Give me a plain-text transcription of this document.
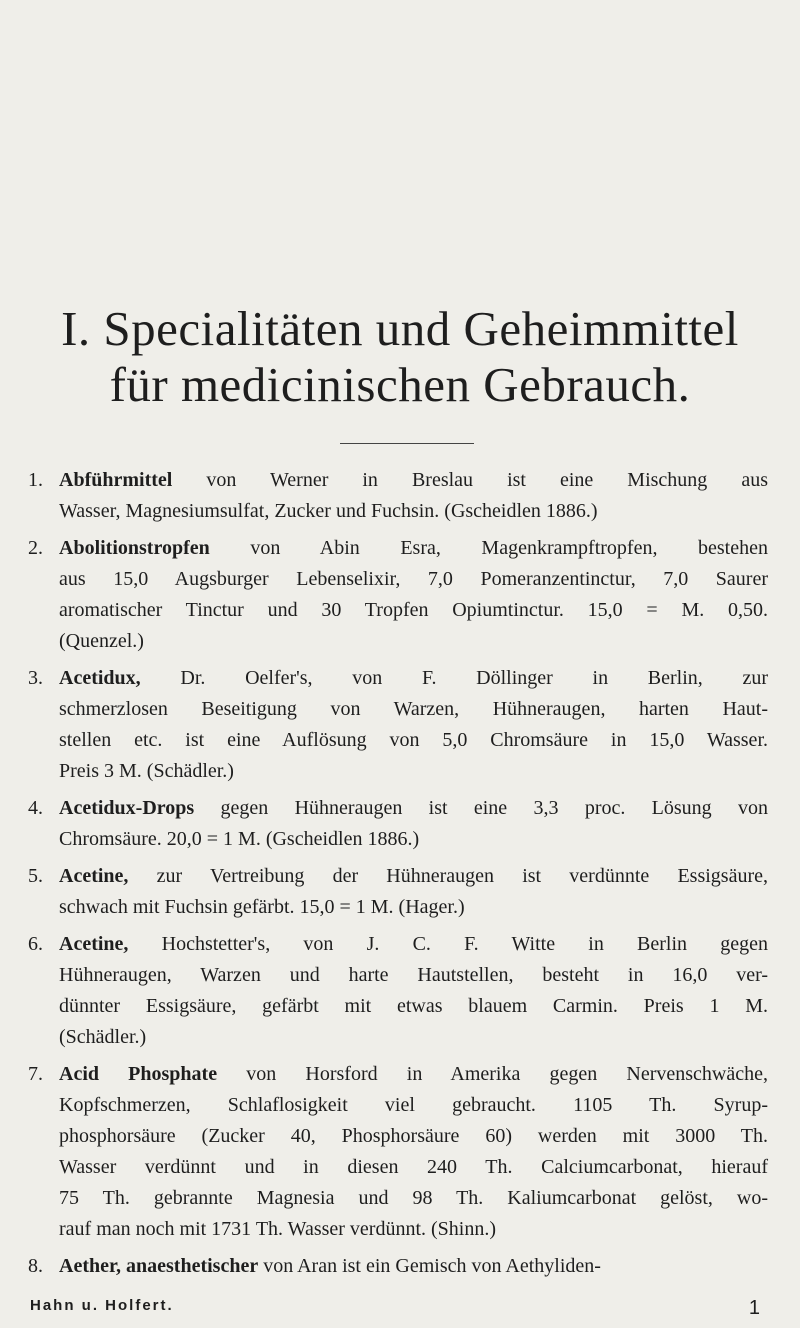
I. Specialitäten und Geheimmittel
für medicinischen Gebrauch.
1. Abführmittel von Werner in Breslau ist eine Mischung aus
Wasser, Magnesiumsulfat, Zucker und Fuchsin. (Gscheidlen 1886.)
2. Abolitionstropfen von Abin Esra, Magenkrampftropfen, bestehen
aus 15,0 Augsburger Lebenselixir, 7,0 Pomeranzentinctur, 7,0 Saurer
aromatischer Tinctur und 30 Tropfen Opiumtinctur. 15,0 = M. 0,50.
(Quenzel.)
3. Acetidux, Dr. Oelfer's, von F. Döllinger in Berlin, zur
schmerzlosen Beseitigung von Warzen, Hühneraugen, harten Haut-
stellen etc. ist eine Auflösung von 5,0 Chromsäure in 15,0 Wasser.
Preis 3 M. (Schädler.)
4. Acetidux-Drops gegen Hühneraugen ist eine 3,3 proc. Lösung von
Chromsäure. 20,0 = 1 M. (Gscheidlen 1886.)
5. Acetine, zur Vertreibung der Hühneraugen ist verdünnte Essigsäure,
schwach mit Fuchsin gefärbt. 15,0 = 1 M. (Hager.)
6. Acetine, Hochstetter's, von J. C. F. Witte in Berlin gegen
Hühneraugen, Warzen und harte Hautstellen, besteht in 16,0 ver-
dünnter Essigsäure, gefärbt mit etwas blauem Carmin. Preis 1 M.
(Schädler.)
7. Acid Phosphate von Horsford in Amerika gegen Nervenschwäche,
Kopfschmerzen, Schlaflosigkeit viel gebraucht. 1105 Th. Syrup-
phosphorsäure (Zucker 40, Phosphorsäure 60) werden mit 3000 Th.
Wasser verdünnt und in diesen 240 Th. Calciumcarbonat, hierauf
75 Th. gebrannte Magnesia und 98 Th. Kaliumcarbonat gelöst, wo-
rauf man noch mit 1731 Th. Wasser verdünnt. (Shinn.)
8. Aether, anaesthetischer von Aran ist ein Gemisch von Aethyliden-
Hahn u. Holfert.	1
